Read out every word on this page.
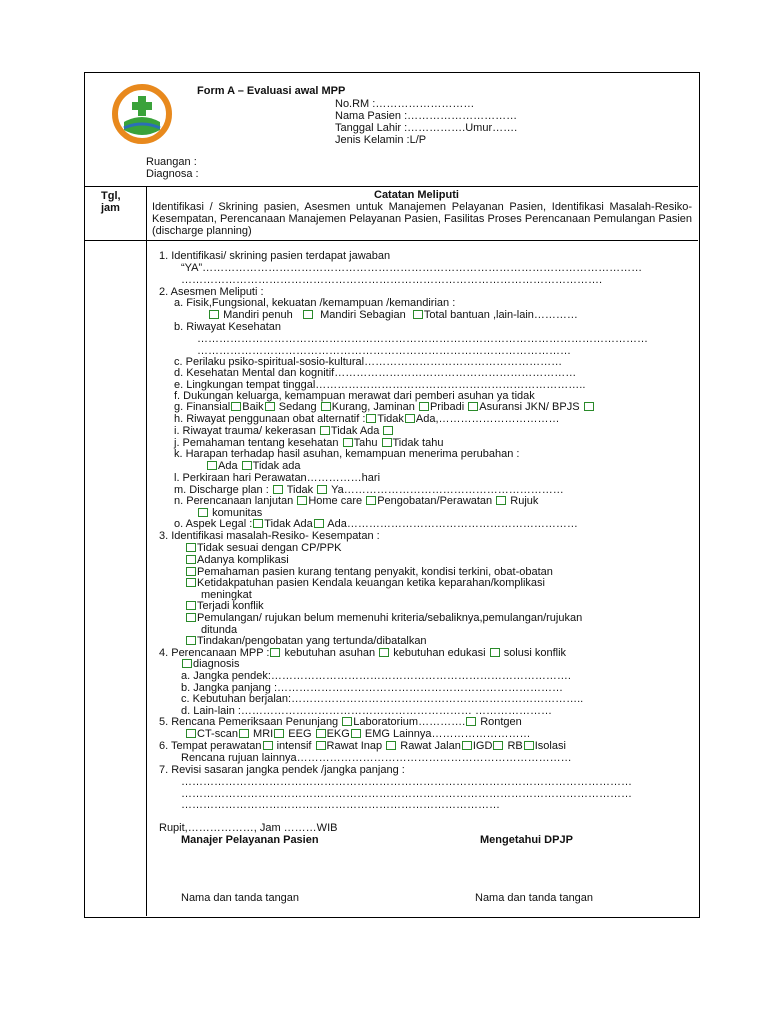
Form A – Evaluasi awal MPP
No.RM :………………………
Nama Pasien :…………………………
Tanggal Lahir :…………….Umur…….
Jenis Kelamin :L/P
Ruangan :
Diagnosa :
Tgl,
jam
Catatan Meliputi
Identifikasi / Skrining pasien, Asesmen untuk Manajemen Pelayanan Pasien, Identifikasi Masalah-Resiko-Kesempatan, Perencanaan Manajemen Pelayanan Pasien, Fasilitas Proses Perencanaan Pemulangan Pasien (discharge planning)
1. Identifikasi/ skrining pasien terdapat jawaban
“YA”…………………………………………………………………………………………………………
…………………………………………………………………………………………………….
2. Asesmen Meliputi :
a. Fisik,Fungsional, kekuatan /kemampuan /kemandirian :
Mandiri penuh Mandiri Sebagian Total bantuan ,lain-lain…………
b. Riwayat Kesehatan
……………………………………………………………………………………………………………
…………………………………………………………………………………………
c. Perilaku psiko-spiritual-sosio-kultural………………………………………………
d. Kesehatan Mental dan kognitif…………………………………………………………
e. Lingkungan tempat tinggal………………………………………………………………..
f. Dukungan keluarga, kemampuan merawat dari pemberi asuhan ya tidak
g. Finansial Baik Sedang Kurang, Jaminan Pribadi Asuransi JKN/ BPJS
h. Riwayat penggunaan obat alternatif : Tidak Ada,……………………………
i. Riwayat trauma/ kekerasan Tidak Ada
j. Pemahaman tentang kesehatan Tahu Tidak tahu
k. Harapan terhadap hasil asuhan, kemampuan menerima perubahan :
Ada Tidak ada
l. Perkiraan hari Perawatan……………hari
m. Discharge plan : Tidak Ya……………………………………………………
n. Perencanaan lanjutan Home care Pengobatan/Perawatan Rujuk
komunitas
o. Aspek Legal : Tidak Ada Ada………………………………………………………
3. Identifikasi masalah-Resiko- Kesempatan :
Tidak sesuai dengan CP/PPK
Adanya komplikasi
Pemahaman pasien kurang tentang penyakit, kondisi terkini, obat-obatan
Ketidakpatuhan pasien Kendala keuangan ketika keparahan/komplikasi
meningkat
Terjadi konflik
Pemulangan/ rujukan belum memenuhi kriteria/sebaliknya,pemulangan/rujukan
ditunda
Tindakan/pengobatan yang tertunda/dibatalkan
4. Perencanaan MPP : kebutuhan asuhan kebutuhan edukasi solusi konflik
diagnosis
a. Jangka pendek:……………………………………………………………………….
b. Jangka panjang :……………………………………………………………………
c. Kebutuhan berjalan:……………………………………………………………………..
d. Lain-lain :……………………………………………………… …………………
5. Rencana Pemeriksaan Penunjang Laboratorium…………. Rontgen
CT-scan MRI EEG EKG EMG Lainnya………………………
6. Tempat perawatan intensif Rawat Inap Rawat Jalan IGD RB Isolasi
Rencana rujuan lainnya…………………………………………………………………
7. Revisi sasaran jangka pendek /jangka panjang :
……………………………………………………………………………………………………………
……………………………………………………………………………………………………………
……………………………………………………………………………
Rupit,………………, Jam ………WIB
Manajer Pelayanan Pasien	Mengetahui DPJP
Nama dan tanda tangan	Nama dan tanda tangan
